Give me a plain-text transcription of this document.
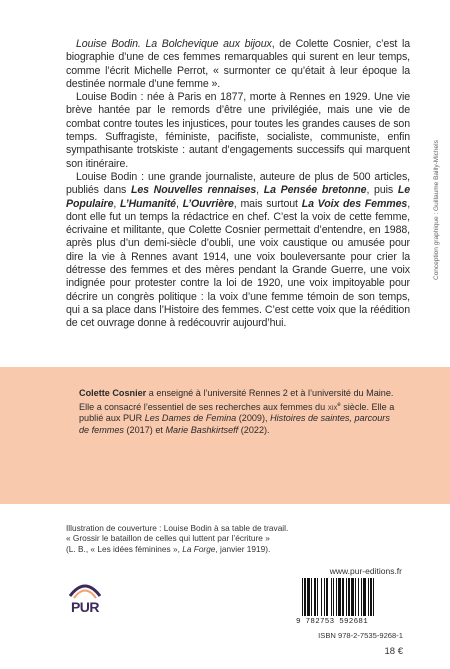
Louise Bodin. La Bolchevique aux bijoux, de Colette Cosnier, c’est la biographie d’une de ces femmes remarquables qui surent en leur temps, comme l’écrit Michelle Perrot, « surmonter ce qu’était à leur époque la destinée normale d’une femme ».

Louise Bodin : née à Paris en 1877, morte à Rennes en 1929. Une vie brève hantée par le remords d’être une privilégiée, mais une vie de combat contre toutes les injustices, pour toutes les grandes causes de son temps. Suffragiste, féministe, pacifiste, socialiste, communiste, enfin sympathisante trotskiste : autant d’engagements successifs qui marquent son itinéraire.

Louise Bodin : une grande journaliste, auteure de plus de 500 articles, publiés dans Les Nouvelles rennaises, La Pensée bretonne, puis Le Populaire, L’Humanité, L’Ouvrière, mais surtout La Voix des Femmes, dont elle fut un temps la rédactrice en chef. C’est la voix de cette femme, écrivaine et militante, que Colette Cosnier permettait d’entendre, en 1988, après plus d’un demi-siècle d’oubli, une voix caustique ou amusée pour dire la vie à Rennes avant 1914, une voix bouleversante pour crier la détresse des femmes et des mères pendant la Grande Guerre, une voix indignée pour protester contre la loi de 1920, une voix impitoyable pour décrire un congrès politique : la voix d’une femme témoin de son temps, qui a sa place dans l’Histoire des femmes. C’est cette voix que la réédition de cet ouvrage donne à redécouvrir aujourd’hui.

Conception graphique : Guillaume Bailly-Michels
Colette Cosnier a enseigné à l’université Rennes 2 et à l’université du Maine. Elle a consacré l’essentiel de ses recherches aux femmes du xix$^e$ siècle. Elle a publié aux PUR Les Dames de Femina (2009), Histoires de saintes, parcours de femmes (2017) et Marie Bashkirtseff (2022).
Illustration de couverture : Louise Bodin à sa table de travail.
« Grossir le bataillon de celles qui luttent par l’écriture »
(L. B., « Les idées féminines », La Forge, janvier 1919).
www.pur-editions.fr
PUR
9 782753 592681
ISBN 978-2-7535-9268-1
18 €
